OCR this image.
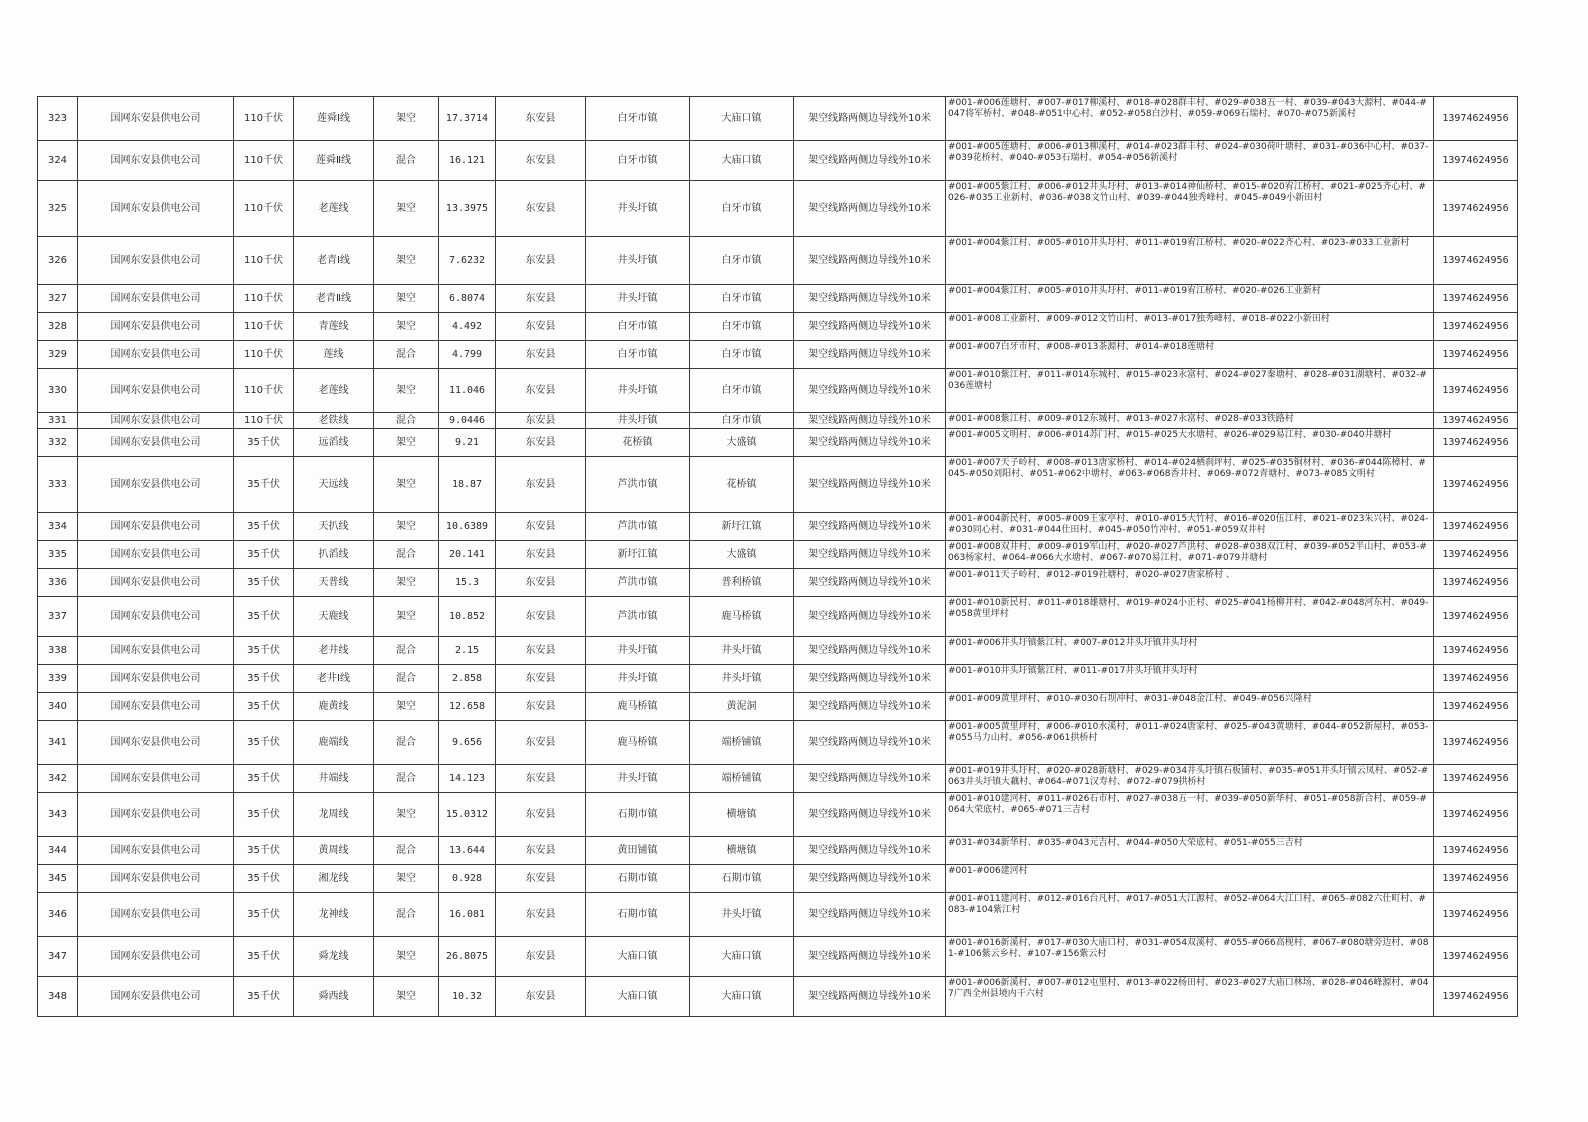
323	国网东安县供电公司	110千伏	莲舜Ⅰ线	架空	17.3714	东安县	白牙市镇	大庙口镇	架空线路两侧边导线外10米	#001-#006莲塘村、#007-#017柳溪村、#018-#028群丰村、#029-#038五一村、#039-#043大源村、#044-#047将军桥村、#048-#051中心村、#052-#058白沙村、#059-#069石瑞村、#070-#075新溪村	13974624956
324	国网东安县供电公司	110千伏	莲舜Ⅱ线	混合	16.121	东安县	白牙市镇	大庙口镇	架空线路两侧边导线外10米	#001-#005莲塘村、#006-#013柳溪村、#014-#023群丰村、#024-#030荷叶塘村、#031-#036中心村、#037-#039花桥村、#040-#053石瑞村、#054-#056新溪村	13974624956
325	国网东安县供电公司	110千伏	老莲线	架空	13.3975	东安县	井头圩镇	白牙市镇	架空线路两侧边导线外10米	#001-#005紫江村、#006-#012井头圩村、#013-#014神仙桥村、#015-#020宥江桥村、#021-#025齐心村、#026-#035工业新村、#036-#038文竹山村、#039-#044独秀峰村、#045-#049小新田村	13974624956
326	国网东安县供电公司	110千伏	老青Ⅰ线	架空	7.6232	东安县	井头圩镇	白牙市镇	架空线路两侧边导线外10米	#001-#004紫江村、#005-#010井头圩村、#011-#019宥江桥村、#020-#022齐心村、#023-#033工业新村	13974624956
327	国网东安县供电公司	110千伏	老青Ⅱ线	架空	6.8074	东安县	井头圩镇	白牙市镇	架空线路两侧边导线外10米	#001-#004紫江村、#005-#010井头圩村、#011-#019宥江桥村、#020-#026工业新村	13974624956
328	国网东安县供电公司	110千伏	青莲线	架空	4.492	东安县	白牙市镇	白牙市镇	架空线路两侧边导线外10米	#001-#008工业新村、#009-#012文竹山村、#013-#017独秀峰村、#018-#022小新田村	13974624956
329	国网东安县供电公司	110千伏	莲线	混合	4.799	东安县	白牙市镇	白牙市镇	架空线路两侧边导线外10米	#001-#007白牙市村、#008-#013茶源村、#014-#018莲塘村	13974624956
330	国网东安县供电公司	110千伏	老莲线	架空	11.046	东安县	井头圩镇	白牙市镇	架空线路两侧边导线外10米	#001-#010紫江村、#011-#014东城村、#015-#023永富村、#024-#027秦塘村、#028-#031湖塘村、#032-#036莲塘村	13974624956
331	国网东安县供电公司	110千伏	老铁线	混合	9.0446	东安县	井头圩镇	白牙市镇	架空线路两侧边导线外10米	#001-#008紫江村、#009-#012东城村、#013-#027永富村、#028-#033铁路村	13974624956
332	国网东安县供电公司	35千伏	远滔线	架空	9.21	东安县	花桥镇	大盛镇	架空线路两侧边导线外10米	#001-#005文明村、#006-#014苏门村、#015-#025大水塘村、#026-#029易江村、#030-#040井塘村	13974624956
333	国网东安县供电公司	35千伏	天远线	架空	18.87	东安县	芦洪市镇	花桥镇	架空线路两侧边导线外10米	#001-#007天子岭村、#008-#013唐家桥村、#014-#024栖刹坪村、#025-#035铜材村、#036-#044陈樟村、#045-#050刘阳村、#051-#062中塘村、#063-#068香井村、#069-#072青塘村、#073-#085文明村	13974624956
334	国网东安县供电公司	35千伏	天扒线	架空	10.6389	东安县	芦洪市镇	新圩江镇	架空线路两侧边导线外10米	#001-#004新民村、#005-#009王家亭村、#010-#015大竹村、#016-#020伍江村、#021-#023朱兴村、#024-#030同心村、#031-#044仕田村、#045-#050竹冲村、#051-#059双井村	13974624956
335	国网东安县供电公司	35千伏	扒滔线	混合	20.141	东安县	新圩江镇	大盛镇	架空线路两侧边导线外10米	#001-#008双井村、#009-#019军山村、#020-#027芦洪村、#028-#038双江村、#039-#052半山村、#053-#063杨家村、#064-#066大水塘村、#067-#070易江村、#071-#079井塘村	13974624956
336	国网东安县供电公司	35千伏	天普线	架空	15.3	东安县	芦洪市镇	普利桥镇	架空线路两侧边导线外10米	#001-#011天子岭村、#012-#019社塘村、#020-#027唐家桥村 、	13974624956
337	国网东安县供电公司	35千伏	天鹿线	架空	10.852	东安县	芦洪市镇	鹿马桥镇	架空线路两侧边导线外10米	#001-#010新民村、#011-#018雄塘村、#019-#024小正村、#025-#041杨柳井村、#042-#048河东村、#049-#058黄里坪村	13974624956
338	国网东安县供电公司	35千伏	老井线	混合	2.15	东安县	井头圩镇	井头圩镇	架空线路两侧边导线外10米	#001-#006井头圩镇紫江村、#007-#012井头圩镇井头圩村	13974624956
339	国网东安县供电公司	35千伏	老井Ⅰ线	混合	2.858	东安县	井头圩镇	井头圩镇	架空线路两侧边导线外10米	#001-#010井头圩镇紫江村、#011-#017井头圩镇井头圩村	13974624956
340	国网东安县供电公司	35千伏	鹿黄线	架空	12.658	东安县	鹿马桥镇	黄泥洞	架空线路两侧边导线外10米	#001-#009黄里坪村、#010-#030石坝冲村、#031-#048金江村、#049-#056兴隆村	13974624956
341	国网东安县供电公司	35千伏	鹿端线	混合	9.656	东安县	鹿马桥镇	端桥铺镇	架空线路两侧边导线外10米	#001-#005黄里坪村、#006-#010水溪村、#011-#024唐家村、#025-#043黄塘村、#044-#052新屋村、#053-#055马力山村、#056-#061拱桥村	13974624956
342	国网东安县供电公司	35千伏	井端线	混合	14.123	东安县	井头圩镇	端桥铺镇	架空线路两侧边导线外10米	#001-#019井头圩村、#020-#028新塘村、#029-#034井头圩镇石板铺村、#035-#051井头圩镇云凤村、#052-#063井头圩镇大藕村、#064-#071汉寿村、#072-#079拱桥村	13974624956
343	国网东安县供电公司	35千伏	龙周线	架空	15.0312	东安县	石期市镇	横塘镇	架空线路两侧边导线外10米	#001-#010建河村、#011-#026石市村、#027-#038五一村、#039-#050新华村、#051-#058新合村、#059-#064大荣底村、#065-#071三吉村	13974624956
344	国网东安县供电公司	35千伏	黄周线	混合	13.644	东安县	黄田铺镇	横塘镇	架空线路两侧边导线外10米	#031-#034新华村、#035-#043元吉村、#044-#050大荣底村、#051-#055三吉村	13974624956
345	国网东安县供电公司	35千伏	湘龙线	架空	0.928	东安县	石期市镇	石期市镇	架空线路两侧边导线外10米	#001-#006建河村	13974624956
346	国网东安县供电公司	35千伏	龙神线	混合	16.081	东安县	石期市镇	井头圩镇	架空线路两侧边导线外10米	#001-#011建河村、#012-#016台凡村、#017-#051大江源村、#052-#064大江口村、#065-#082六仕町村、#083-#104紫江村	13974624956
347	国网东安县供电公司	35千伏	舜龙线	架空	26.8075	东安县	大庙口镇	大庙口镇	架空线路两侧边导线外10米	#001-#016新溪村、#017-#030大庙口村、#031-#054双溪村、#055-#066高枧村、#067-#080塘旁边村、#081-#106紫云乡村、#107-#156紫云村	13974624956
348	国网东安县供电公司	35千伏	舜西线	架空	10.32	东安县	大庙口镇	大庙口镇	架空线路两侧边导线外10米	#001-#006新溪村、#007-#012屯里村、#013-#022杨田村、#023-#027大庙口林场、#028-#046峰源村、#047广西全州县境内干六村	13974624956
